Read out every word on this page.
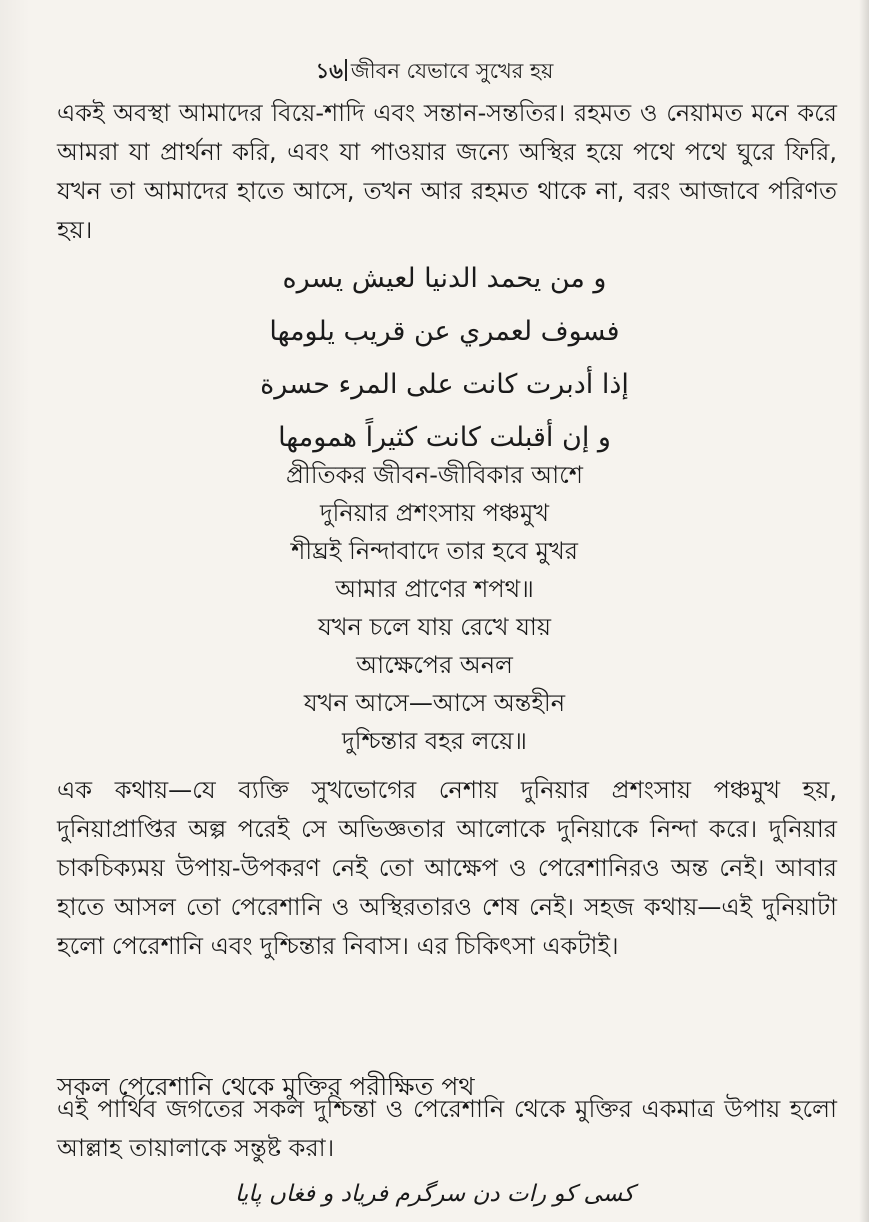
১৬ জীবন যেভাবে সুখের হয়

একই অবস্থা আমাদের বিয়ে-শাদি এবং সন্তান-সন্ততির। রহমত ও নেয়ামত মনে করে আমরা যা প্রার্থনা করি, এবং যা পাওয়ার জন্যে অস্থির হয়ে পথে পথে ঘুরে ফিরি, যখন তা আমাদের হাতে আসে, তখন আর রহমত থাকে না, বরং আজাবে পরিণত হয়।

و من يحمد الدنيا لعيش يسره
فسوف لعمري عن قريب يلومها
إذا أدبرت كانت على المرء حسرة
و إن أقبلت كانت كثيراً همومها
প্রীতিকর জীবন-জীবিকার আশে
দুনিয়ার প্রশংসায় পঞ্চমুখ
শীঘ্রই নিন্দাবাদে তার হবে মুখর
আমার প্রাণের শপথ॥
যখন চলে যায় রেখে যায়
আক্ষেপের অনল
যখন আসে—আসে অন্তহীন
দুশ্চিন্তার বহর লয়ে॥

এক কথায়—যে ব্যক্তি সুখভোগের নেশায় দুনিয়ার প্রশংসায় পঞ্চমুখ হয়, দুনিয়াপ্রাপ্তির অল্প পরেই সে অভিজ্ঞতার আলোকে দুনিয়াকে নিন্দা করে। দুনিয়ার চাকচিক্যময় উপায়-উপকরণ নেই তো আক্ষেপ ও পেরেশানিরও অন্ত নেই। আবার হাতে আসল তো পেরেশানি ও অস্থিরতারও শেষ নেই। সহজ কথায়—এই দুনিয়াটা হলো পেরেশানি এবং দুশ্চিন্তার নিবাস। এর চিকিৎসা একটাই।

সকল পেরেশানি থেকে মুক্তির পরীক্ষিত পথ

এই পার্থিব জগতের সকল দুশ্চিন্তা ও পেরেশানি থেকে মুক্তির একমাত্র উপায় হলো আল্লাহ তায়ালাকে সন্তুষ্ট করা।

کسی کو رات دن سرگرم فریاد و فغاں پایا
